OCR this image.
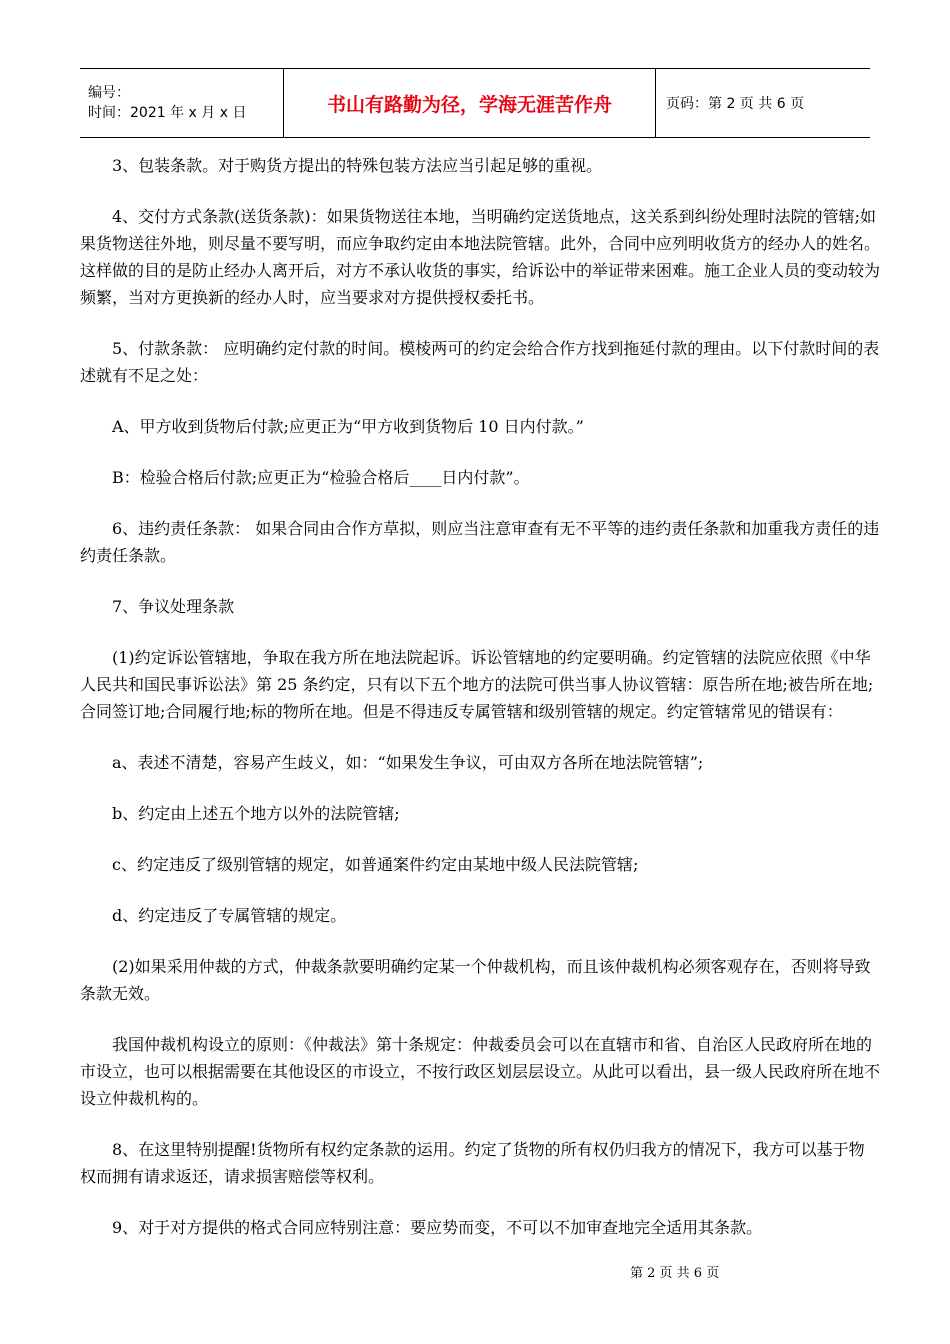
编号：
时间：2021 年 x 月 x 日	书山有路勤为径，学海无涯苦作舟	页码：第 2 页 共 6 页

3、包装条款。对于购货方提出的特殊包装方法应当引起足够的重视。

4、交付方式条款(送货条款)：如果货物送往本地，当明确约定送货地点，这关系到纠纷处理时法院的管辖;如果货物送往外地，则尽量不要写明，而应争取约定由本地法院管辖。此外，合同中应列明收货方的经办人的姓名。这样做的目的是防止经办人离开后，对方不承认收货的事实，给诉讼中的举证带来困难。施工企业人员的变动较为频繁，当对方更换新的经办人时，应当要求对方提供授权委托书。

5、付款条款： 应明确约定付款的时间。模棱两可的约定会给合作方找到拖延付款的理由。以下付款时间的表述就有不足之处：

A、甲方收到货物后付款;应更正为“甲方收到货物后 10 日内付款。”

B：检验合格后付款;应更正为“检验合格后____日内付款”。

6、违约责任条款： 如果合同由合作方草拟，则应当注意审查有无不平等的违约责任条款和加重我方责任的违约责任条款。

7、争议处理条款

(1)约定诉讼管辖地，争取在我方所在地法院起诉。诉讼管辖地的约定要明确。约定管辖的法院应依照《中华人民共和国民事诉讼法》第 25 条约定，只有以下五个地方的法院可供当事人协议管辖：原告所在地;被告所在地;合同签订地;合同履行地;标的物所在地。但是不得违反专属管辖和级别管辖的规定。约定管辖常见的错误有：

a、表述不清楚，容易产生歧义，如：“如果发生争议，可由双方各所在地法院管辖”;

b、约定由上述五个地方以外的法院管辖;

c、约定违反了级别管辖的规定，如普通案件约定由某地中级人民法院管辖;

d、约定违反了专属管辖的规定。

(2)如果采用仲裁的方式，仲裁条款要明确约定某一个仲裁机构，而且该仲裁机构必须客观存在，否则将导致条款无效。

我国仲裁机构设立的原则：《仲裁法》第十条规定：仲裁委员会可以在直辖市和省、自治区人民政府所在地的市设立，也可以根据需要在其他设区的市设立，不按行政区划层层设立。从此可以看出，县一级人民政府所在地不设立仲裁机构的。

8、在这里特别提醒!货物所有权约定条款的运用。约定了货物的所有权仍归我方的情况下，我方可以基于物权而拥有请求返还，请求损害赔偿等权利。

9、对于对方提供的格式合同应特别注意：要应势而变，不可以不加审查地完全适用其条款。

第 2 页 共 6 页
